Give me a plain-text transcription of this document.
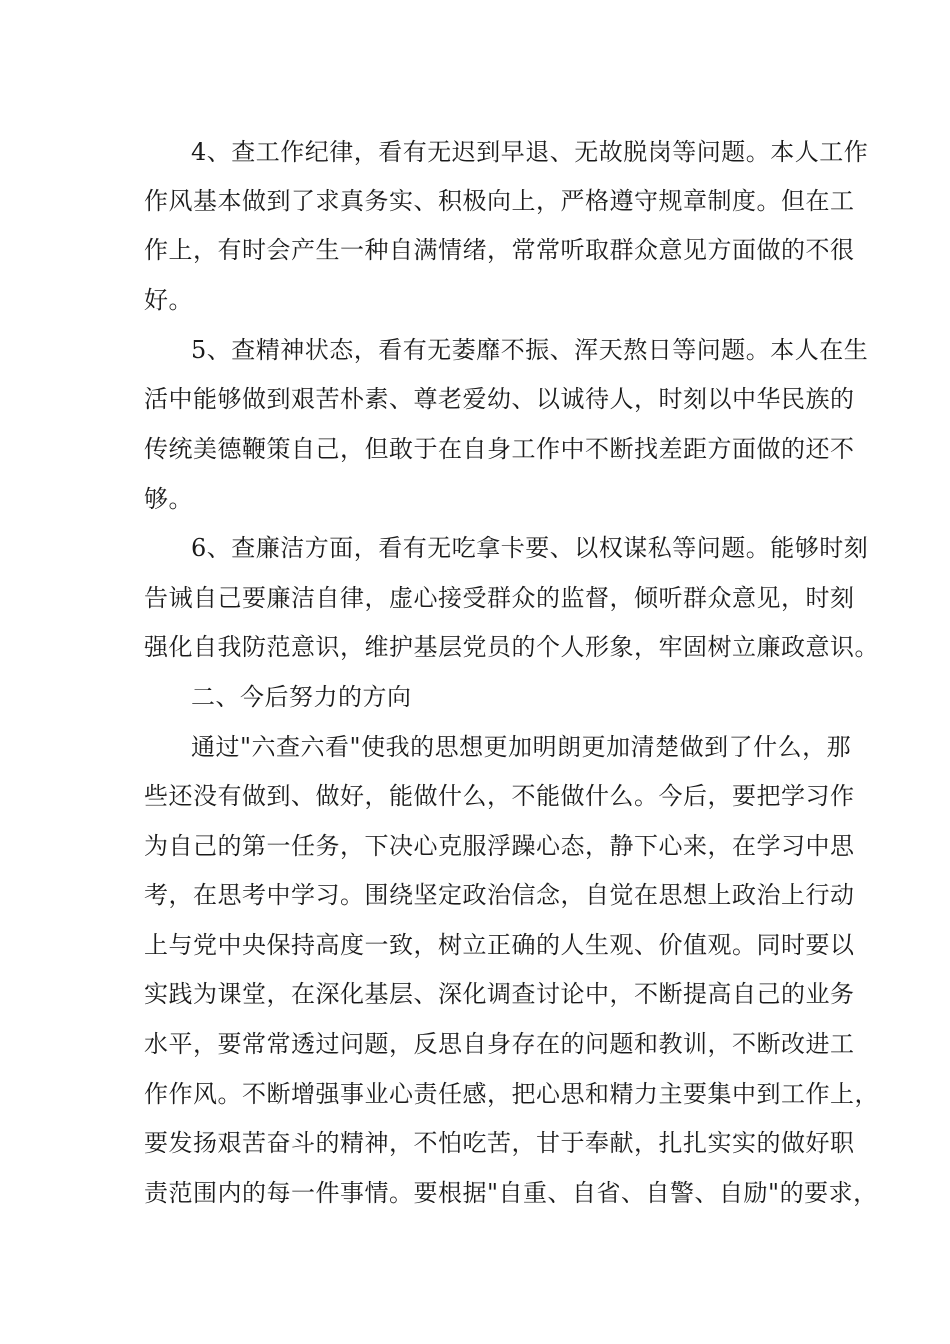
4、查工作纪律，看有无迟到早退、无故脱岗等问题。本人工作
作风基本做到了求真务实、积极向上，严格遵守规章制度。但在工
作上，有时会产生一种自满情绪，常常听取群众意见方面做的不很
好。
5、查精神状态，看有无萎靡不振、浑天熬日等问题。本人在生
活中能够做到艰苦朴素、尊老爱幼、以诚待人，时刻以中华民族的
传统美德鞭策自己，但敢于在自身工作中不断找差距方面做的还不
够。
6、查廉洁方面，看有无吃拿卡要、以权谋私等问题。能够时刻
告诫自己要廉洁自律，虚心接受群众的监督，倾听群众意见，时刻
强化自我防范意识，维护基层党员的个人形象，牢固树立廉政意识。
二、今后努力的方向
通过"六查六看"使我的思想更加明朗更加清楚做到了什么，那
些还没有做到、做好，能做什么，不能做什么。今后，要把学习作
为自己的第一任务，下决心克服浮躁心态，静下心来，在学习中思
考，在思考中学习。围绕坚定政治信念，自觉在思想上政治上行动
上与党中央保持高度一致，树立正确的人生观、价值观。同时要以
实践为课堂，在深化基层、深化调查讨论中，不断提高自己的业务
水平，要常常透过问题，反思自身存在的问题和教训，不断改进工
作作风。不断增强事业心责任感，把心思和精力主要集中到工作上，
要发扬艰苦奋斗的精神，不怕吃苦，甘于奉献，扎扎实实的做好职
责范围内的每一件事情。要根据"自重、自省、自警、自励"的要求，
